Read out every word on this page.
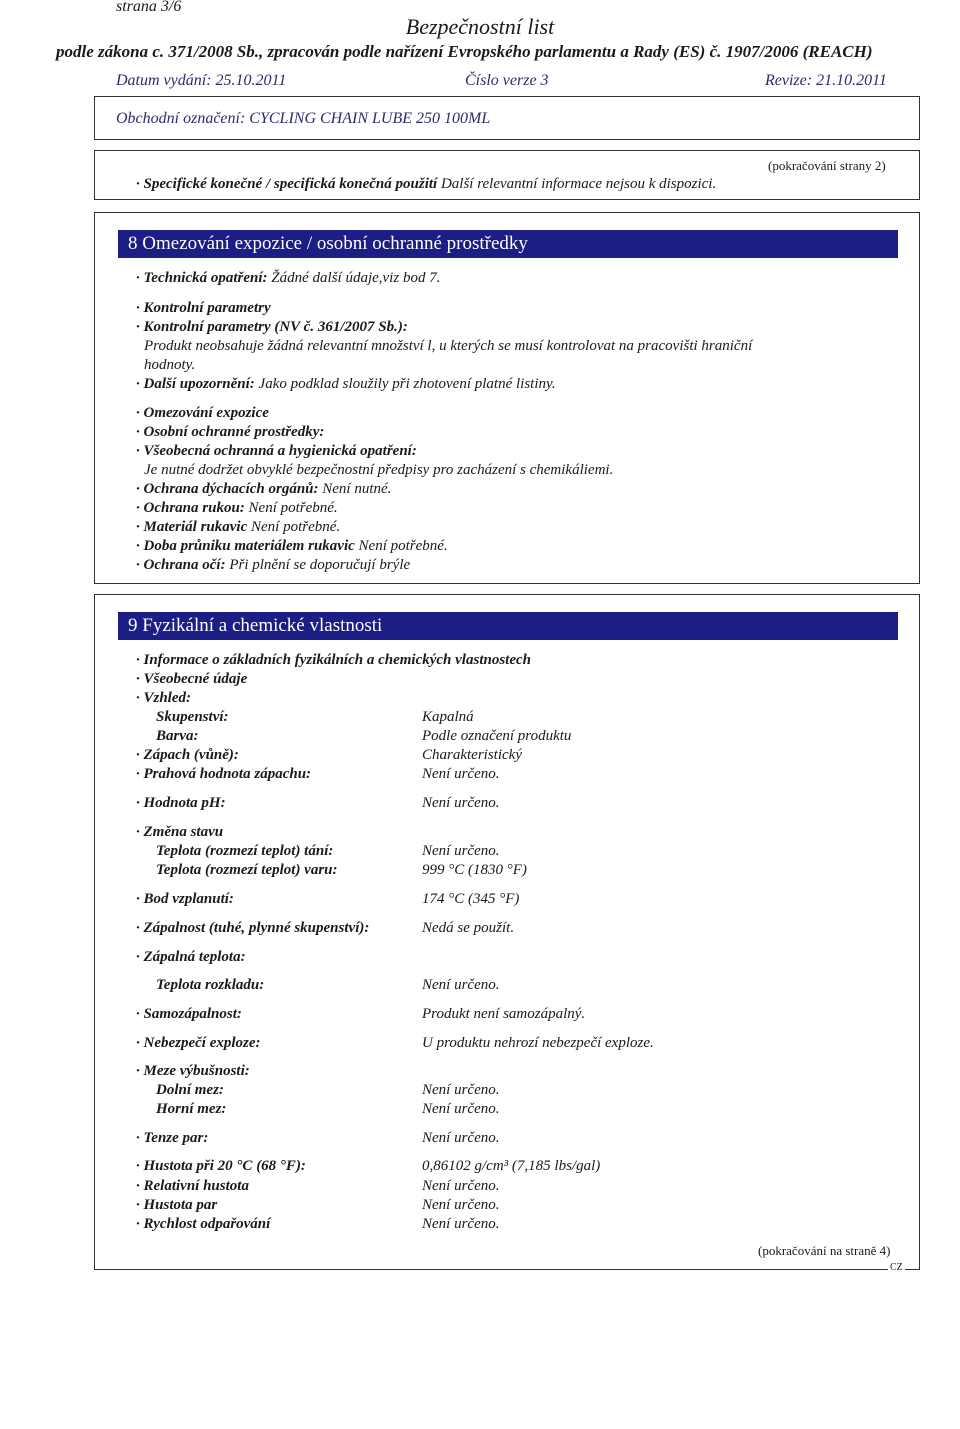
strana 3/6
Bezpečnostní list
podle zákona c. 371/2008 Sb., zpracován podle nařízení Evropského parlamentu a Rady (ES) č. 1907/2006 (REACH)
Datum vydání: 25.10.2011	Číslo verze 3	Revize: 21.10.2011
Obchodní označení: CYCLING CHAIN LUBE 250 100ML
(pokračování strany 2)
· Specifické konečné / specifická konečná použití Další relevantní informace nejsou k dispozici.
8 Omezování expozice / osobní ochranné prostředky
· Technická opatření: Žádné další údaje,viz bod 7.
· Kontrolní parametry
· Kontrolní parametry (NV č. 361/2007 Sb.):
Produkt neobsahuje žádná relevantní množství l, u kterých se musí kontrolovat na pracovišti hraniční
hodnoty.
· Další upozornění: Jako podklad sloužily při zhotovení platné listiny.
· Omezování expozice
· Osobní ochranné prostředky:
· Všeobecná ochranná a hygienická opatření:
Je nutné dodržet obvyklé bezpečnostní předpisy pro zacházení s chemikáliemi.
· Ochrana dýchacích orgánů: Není nutné.
· Ochrana rukou: Není potřebné.
· Materiál rukavic Není potřebné.
· Doba průniku materiálem rukavic Není potřebné.
· Ochrana očí: Při plnění se doporučují brýle
9 Fyzikální a chemické vlastnosti
· Informace o základních fyzikálních a chemických vlastnostech
· Všeobecné údaje
· Vzhled:
Skupenství:	Kapalná
Barva:	Podle označení produktu
· Zápach (vůně):	Charakteristický
· Prahová hodnota zápachu:	Není určeno.
· Hodnota pH:	Není určeno.
· Změna stavu
Teplota (rozmezí teplot) tání:	Není určeno.
Teplota (rozmezí teplot) varu:	999 °C (1830 °F)
· Bod vzplanutí:	174 °C (345 °F)
· Zápalnost (tuhé, plynné skupenství):	Nedá se použít.
· Zápalná teplota:
Teplota rozkladu:	Není určeno.
· Samozápalnost:	Produkt není samozápalný.
· Nebezpečí exploze:	U produktu nehrozí nebezpečí exploze.
· Meze výbušnosti:
Dolní mez:	Není určeno.
Horní mez:	Není určeno.
· Tenze par:	Není určeno.
· Hustota při 20 °C (68 °F):	0,86102 g/cm³ (7,185 lbs/gal)
· Relativní hustota	Není určeno.
· Hustota par	Není určeno.
· Rychlost odpařování	Není určeno.
(pokračování na straně 4)
CZ
